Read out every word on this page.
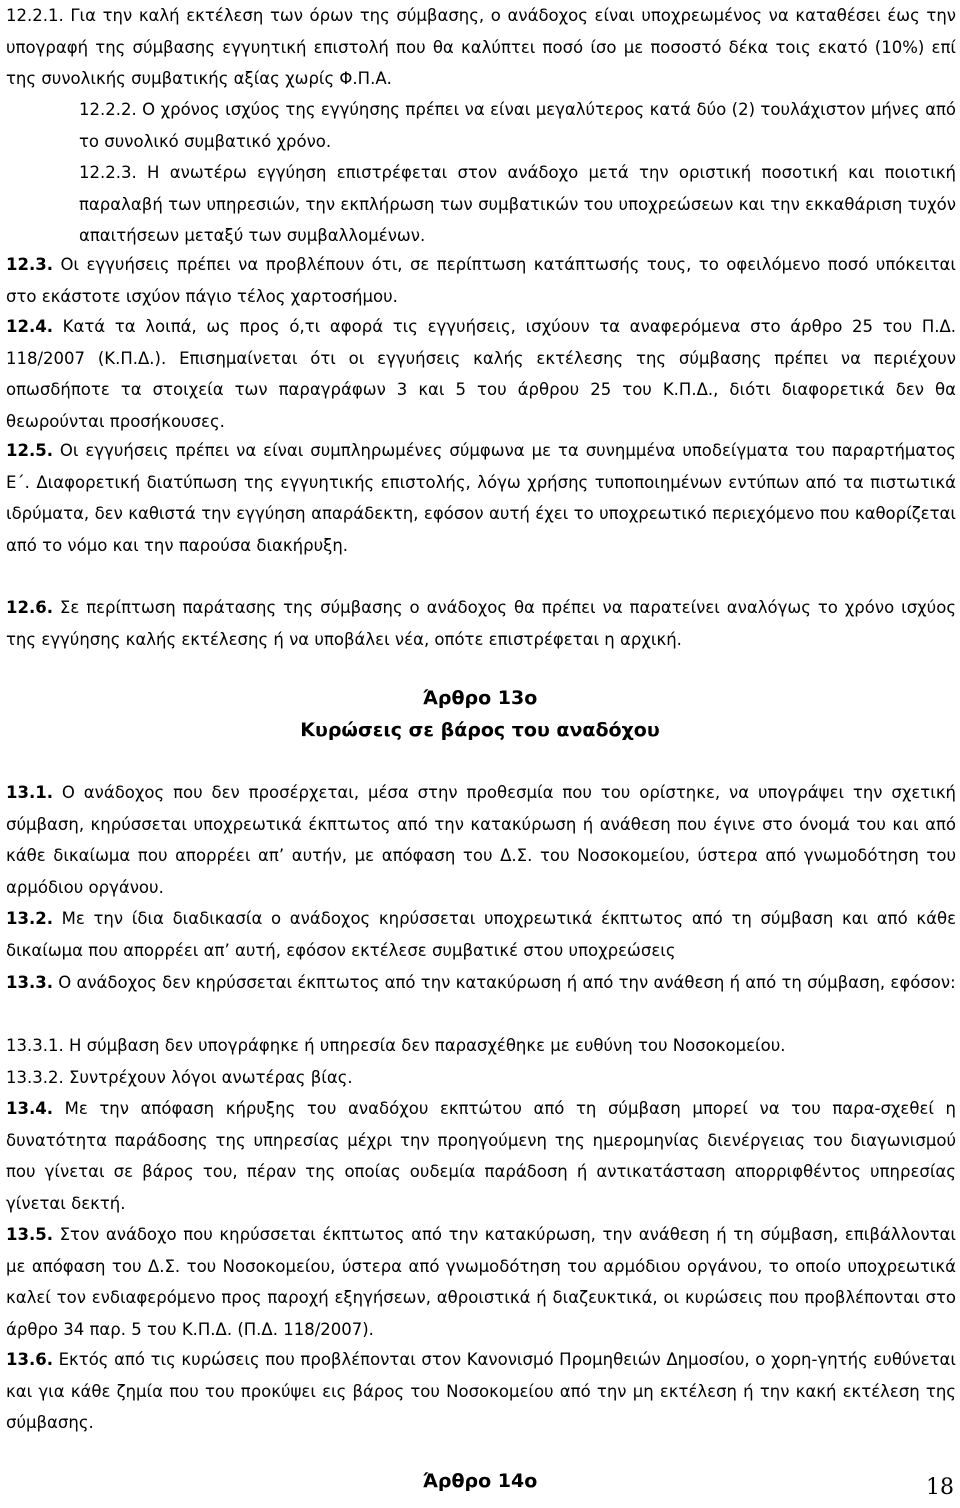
12.2.1. Για την καλή εκτέλεση των όρων της σύμβασης, ο ανάδοχος είναι υποχρεωμένος να καταθέσει έως την υπογραφή της σύμβασης εγγυητική επιστολή που θα καλύπτει ποσό ίσο με ποσοστό δέκα τοις εκατό (10%) επί της συνολικής συμβατικής αξίας χωρίς Φ.Π.Α.

12.2.2. Ο χρόνος ισχύος της εγγύησης πρέπει να είναι μεγαλύτερος κατά δύο (2) τουλάχιστον μήνες από το συνολικό συμβατικό χρόνο.

12.2.3. Η ανωτέρω εγγύηση επιστρέφεται στον ανάδοχο μετά την οριστική ποσοτική και ποιοτική παραλαβή των υπηρεσιών, την εκπλήρωση των συμβατικών του υποχρεώσεων και την εκκαθάριση τυχόν απαιτήσεων μεταξύ των συμβαλλομένων.

12.3. Οι εγγυήσεις πρέπει να προβλέπουν ότι, σε περίπτωση κατάπτωσής τους, το οφειλόμενο ποσό υπόκειται στο εκάστοτε ισχύον πάγιο τέλος χαρτοσήμου.

12.4. Κατά τα λοιπά, ως προς ό,τι αφορά τις εγγυήσεις, ισχύουν τα αναφερόμενα στο άρθρο 25 του Π.Δ. 118/2007 (Κ.Π.Δ.). Επισημαίνεται ότι οι εγγυήσεις καλής εκτέλεσης της σύμβασης πρέπει να περιέχουν οπωσδήποτε τα στοιχεία των παραγράφων 3 και 5 του άρθρου 25 του Κ.Π.Δ., διότι διαφορετικά δεν θα θεωρούνται προσήκουσες.

12.5. Οι εγγυήσεις πρέπει να είναι συμπληρωμένες σύμφωνα με τα συνημμένα υποδείγματα του παραρτήματος Ε΄. Διαφορετική διατύπωση της εγγυητικής επιστολής, λόγω χρήσης τυποποιημένων εντύπων από τα πιστωτικά ιδρύματα, δεν καθιστά την εγγύηση απαράδεκτη, εφόσον αυτή έχει το υποχρεωτικό περιεχόμενο που καθορίζεται από το νόμο και την παρούσα διακήρυξη.

12.6. Σε περίπτωση παράτασης της σύμβασης ο ανάδοχος θα πρέπει να παρατείνει αναλόγως το χρόνο ισχύος της εγγύησης καλής εκτέλεσης ή να υποβάλει νέα, οπότε επιστρέφεται η αρχική.

Άρθρο 13ο
Κυρώσεις σε βάρος του αναδόχου

13.1. Ο ανάδοχος που δεν προσέρχεται, μέσα στην προθεσμία που του ορίστηκε, να υπογράψει την σχετική σύμβαση, κηρύσσεται υποχρεωτικά έκπτωτος από την κατακύρωση ή ανάθεση που έγινε στο όνομά του και από κάθε δικαίωμα που απορρέει απ’ αυτήν, με απόφαση του Δ.Σ. του Νοσοκομείου, ύστερα από γνωμοδότηση του αρμόδιου οργάνου.

13.2. Με την ίδια διαδικασία ο ανάδοχος κηρύσσεται υποχρεωτικά έκπτωτος από τη σύμβαση και από κάθε δικαίωμα που απορρέει απ’ αυτή, εφόσον εκτέλεσε συμβατικέ στου υποχρεώσεις

13.3. Ο ανάδοχος δεν κηρύσσεται έκπτωτος από την κατακύρωση ή από την ανάθεση ή από τη σύμβαση, εφόσον:

13.3.1. Η σύμβαση δεν υπογράφηκε ή υπηρεσία δεν παρασχέθηκε με ευθύνη του Νοσοκομείου.

13.3.2. Συντρέχουν λόγοι ανωτέρας βίας.

13.4. Με την απόφαση κήρυξης του αναδόχου εκπτώτου από τη σύμβαση μπορεί να του παρα-σχεθεί η δυνατότητα παράδοσης της υπηρεσίας μέχρι την προηγούμενη της ημερομηνίας διενέργειας του διαγωνισμού που γίνεται σε βάρος του, πέραν της οποίας ουδεμία παράδοση ή αντικατάσταση απορριφθέντος υπηρεσίας γίνεται δεκτή.

13.5. Στον ανάδοχο που κηρύσσεται έκπτωτος από την κατακύρωση, την ανάθεση ή τη σύμβαση, επιβάλλονται με απόφαση του Δ.Σ. του Νοσοκομείου, ύστερα από γνωμοδότηση του αρμόδιου οργάνου, το οποίο υποχρεωτικά καλεί τον ενδιαφερόμενο προς παροχή εξηγήσεων, αθροιστικά ή διαζευκτικά, οι κυρώσεις που προβλέπονται στο άρθρο 34 παρ. 5 του Κ.Π.Δ. (Π.Δ. 118/2007).

13.6. Εκτός από τις κυρώσεις που προβλέπονται στον Κανονισμό Προμηθειών Δημοσίου, ο χορη-γητής ευθύνεται και για κάθε ζημία που του προκύψει εις βάρος του Νοσοκομείου από την μη εκτέλεση ή την κακή εκτέλεση της σύμβασης.

Άρθρο 14ο	18
